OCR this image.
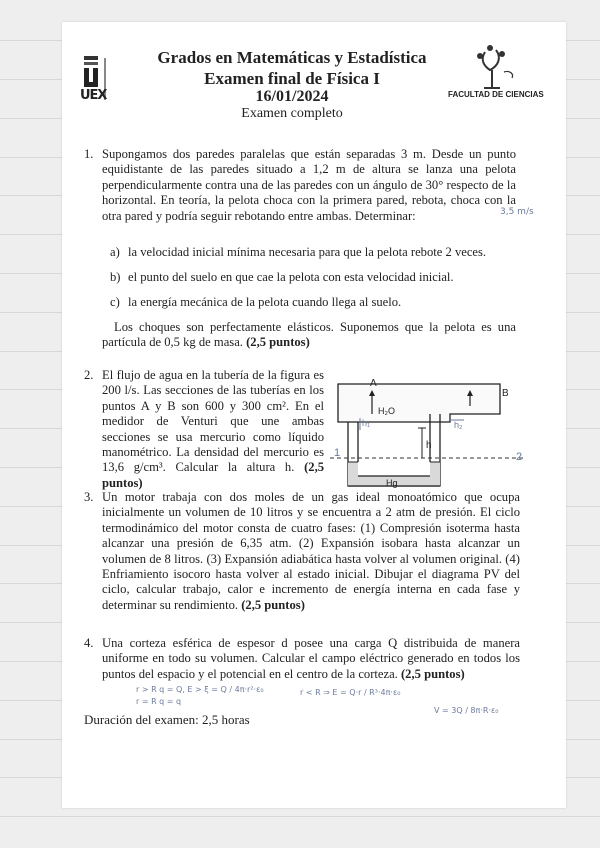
UEX	FACULTAD DE CIENCIAS
Grados en Matemáticas y Estadística
Examen final de Física I
16/01/2024
Examen completo
1. Supongamos dos paredes paralelas que están separadas 3 m. Desde un punto equidistante de las paredes situado a 1,2 m de altura se lanza una pelota perpendicularmente contra una de las paredes con un ángulo de 30° respecto de la horizontal. En teoría, la pelota choca con la primera pared, rebota, choca con la otra pared y podría seguir rebotando entre ambas. Determinar:	3,5 m/s
a) la velocidad inicial mínima necesaria para que la pelota rebote 2 veces.
b) el punto del suelo en que cae la pelota con esta velocidad inicial.
c) la energía mecánica de la pelota cuando llega al suelo.
Los choques son perfectamente elásticos. Suponemos que la pelota es una partícula de 0,5 kg de masa. (2,5 puntos)
2. El flujo de agua en la tubería de la figura es 200 l/s. Las secciones de las tuberías en los puntos A y B son 600 y 300 cm². En el medidor de Venturi que une ambas secciones se usa mercurio como líquido manométrico. La densidad del mercurio es 13,6 g/cm³. Calcular la altura h. (2,5 puntos)
A
B
H₂O
h
Hg
h₁	h₂
1	2
3. Un motor trabaja con dos moles de un gas ideal monoatómico que ocupa inicialmente un volumen de 10 litros y se encuentra a 2 atm de presión. El ciclo termodinámico del motor consta de cuatro fases: (1) Compresión isoterma hasta alcanzar una presión de 6,35 atm. (2) Expansión isobara hasta alcanzar un volumen de 8 litros. (3) Expansión adiabática hasta volver al volumen original. (4) Enfriamiento isocoro hasta volver al estado inicial. Dibujar el diagrama PV del ciclo, calcular trabajo, calor e incremento de energía interna en cada fase y determinar su rendimiento. (2,5 puntos)
4. Una corteza esférica de espesor d posee una carga Q distribuida de manera uniforme en todo su volumen. Calcular el campo eléctrico generado en todos los puntos del espacio y el potencial en el centro de la corteza. (2,5 puntos)
r > R q = Q, E > ξ = Q / 4π·r²·ε₀
r = R q = q
r < R ⇒ E = Q·r / R³·4π·ε₀
V = 3Q / 8π·R·ε₀
Duración del examen: 2,5 horas
